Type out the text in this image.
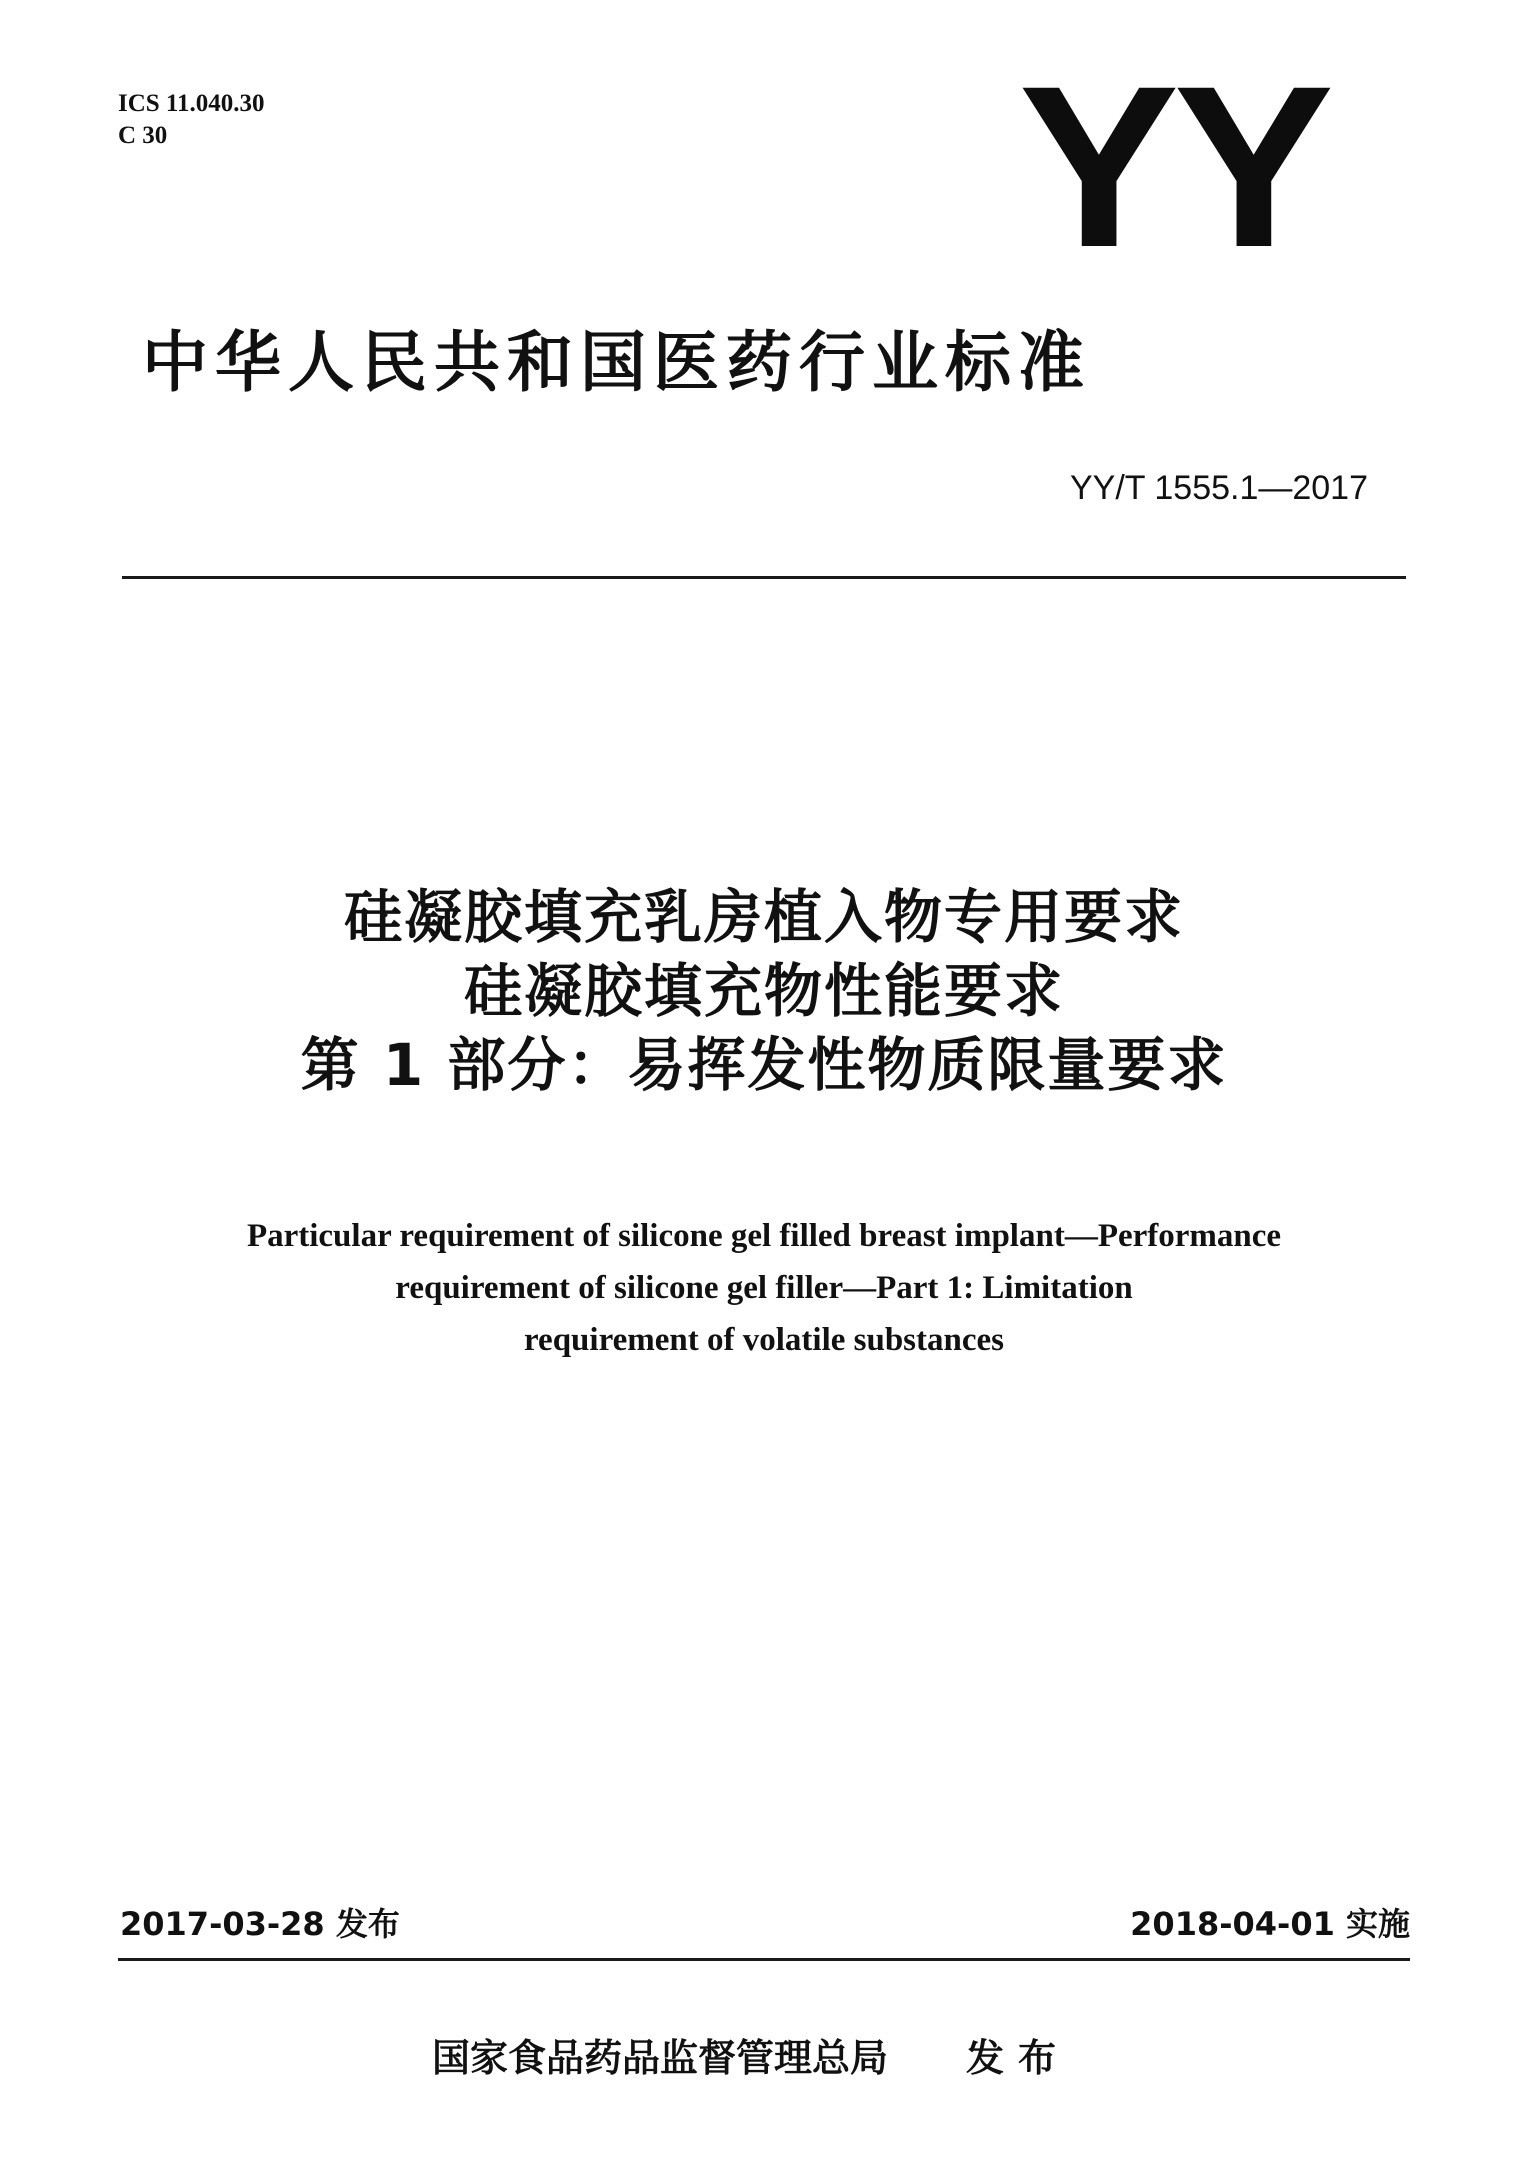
ICS 11.040.30
C 30	YY
中华人民共和国医药行业标准
YY/T 1555.1—2017
硅凝胶填充乳房植入物专用要求
硅凝胶填充物性能要求
第 1 部分：易挥发性物质限量要求
Particular requirement of silicone gel filled breast implant—Performance
requirement of silicone gel filler—Part 1: Limitation
requirement of volatile substances
2017-03-28 发布	2018-04-01 实施
国家食品药品监督管理总局 发布
